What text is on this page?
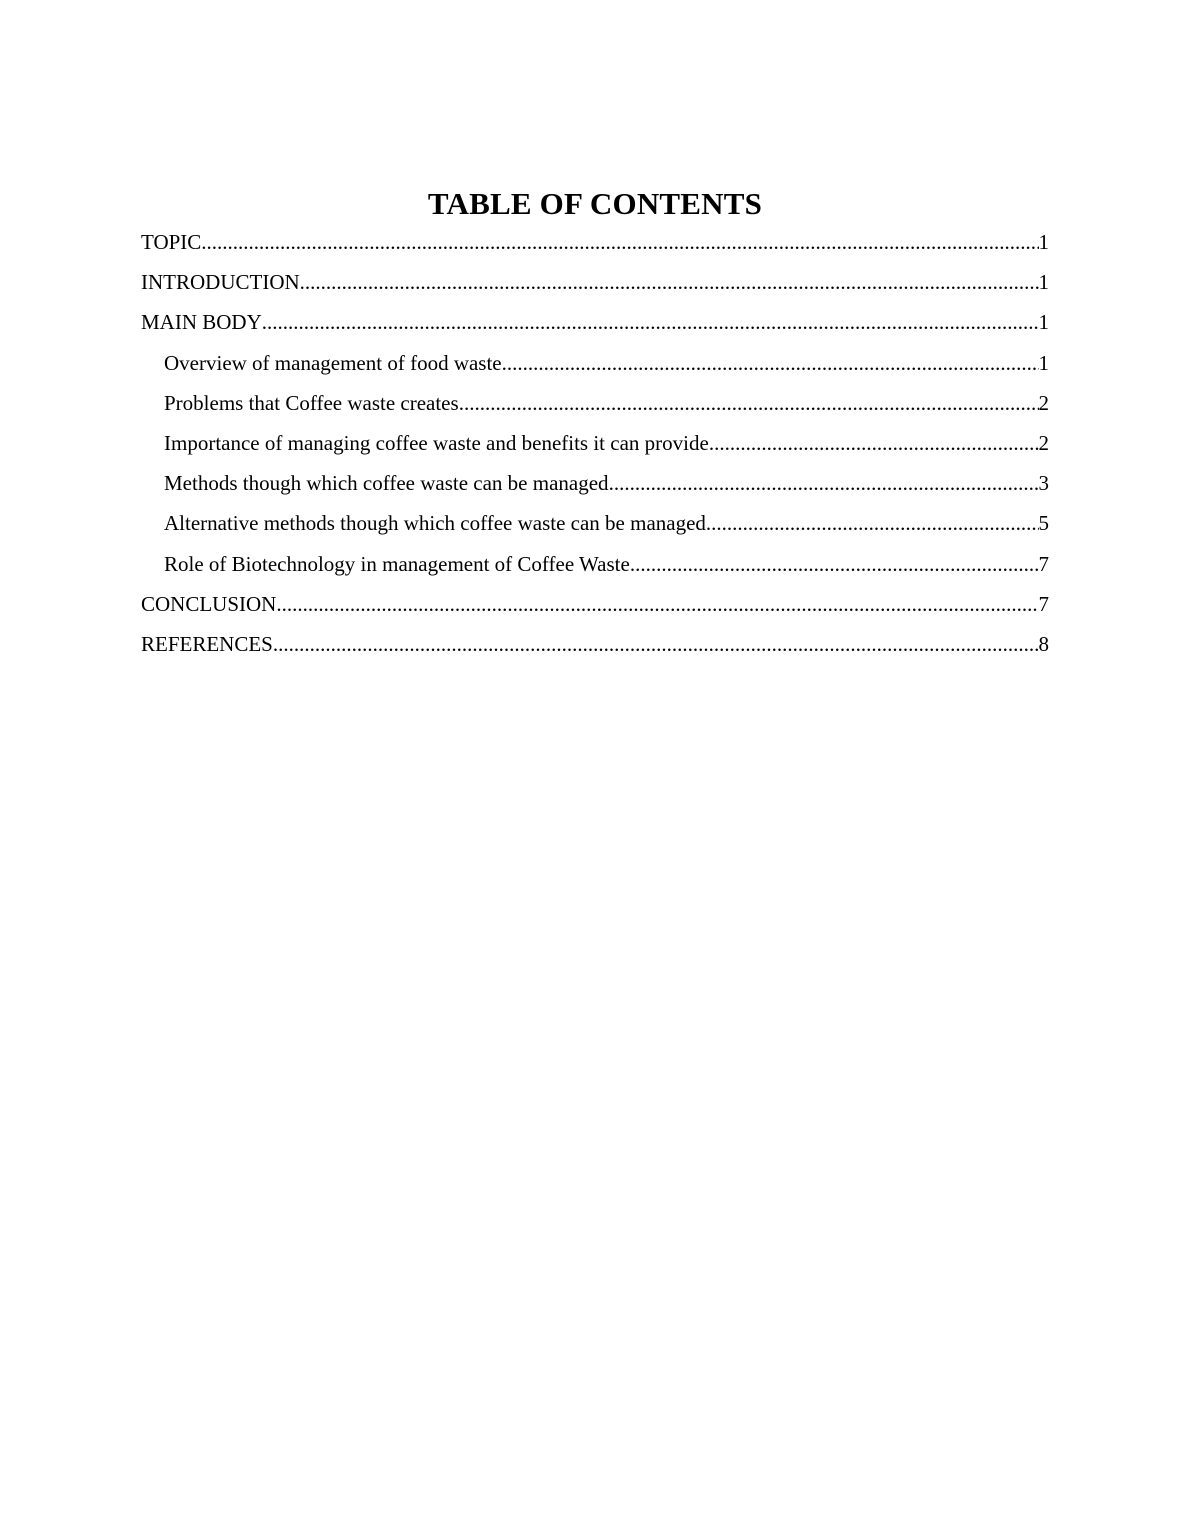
TABLE OF CONTENTS
TOPIC .....	1
INTRODUCTION .....	1
MAIN BODY .....	1
Overview of management of food waste .....	1
Problems that Coffee waste creates .....	2
Importance of managing coffee waste and benefits it can provide .....	2
Methods though which coffee waste can be managed .....	3
Alternative methods though which coffee waste can be managed .....	5
Role of Biotechnology in management of Coffee Waste .....	7
CONCLUSION .....	7
REFERENCES .....	8
